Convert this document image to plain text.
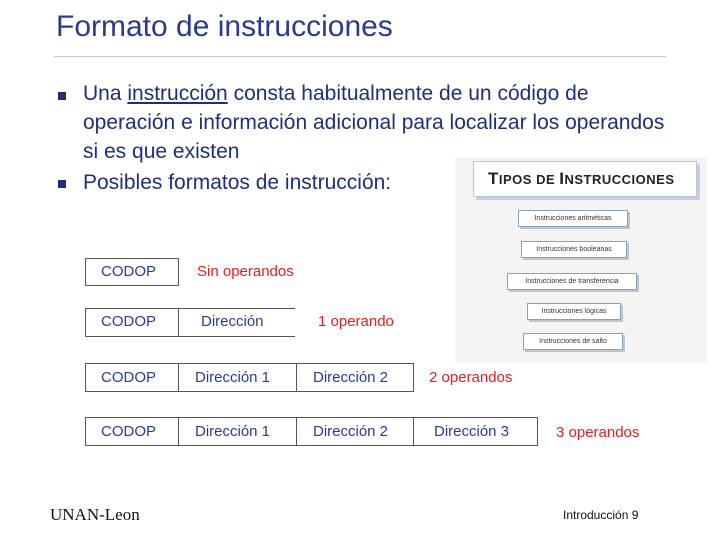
Formato de instrucciones
Una instrucción consta habitualmente de un código de operación e información adicional para localizar los operandos si es que existen
Posibles formatos de instrucción:	TIPOS DE INSTRUCCIONES
Instrucciones aritméticas
Instrucciones booleanas
Instrucciones de transferencia
Instrucciones lógicas
Instrucciones de salto
CODOP	Sin operandos
CODOP	Dirección	1 operando
CODOP	Dirección 1	Dirección 2	2 operandos
CODOP	Dirección 1	Dirección 2	Dirección 3	3 operandos
UNAN-Leon	Introducción 9
